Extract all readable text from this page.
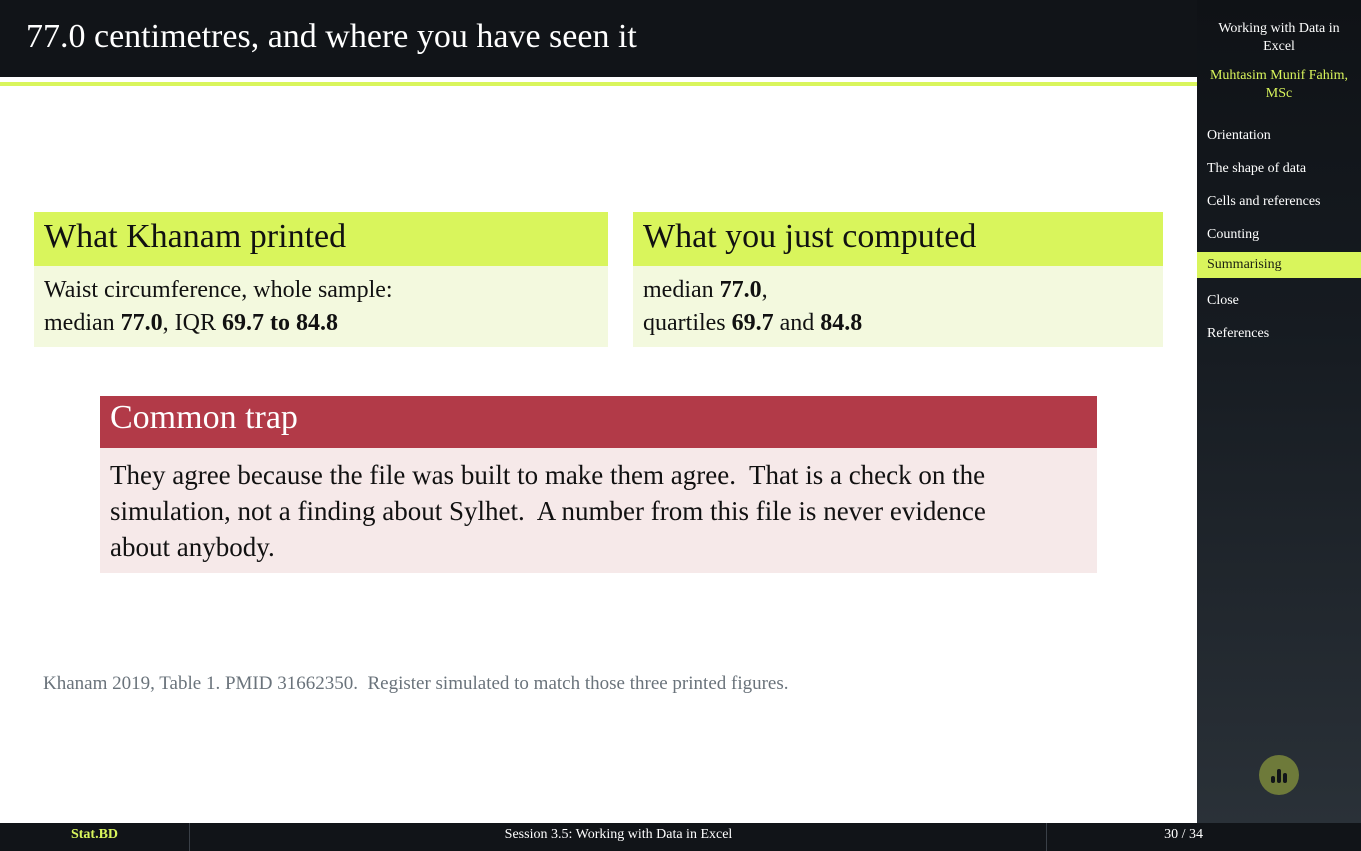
77.0 centimetres, and where you have seen it
What Khanam printed
Waist circumference, whole sample:
median 77.0, IQR 69.7 to 84.8
What you just computed
median 77.0,
quartiles 69.7 and 84.8
Common trap
They agree because the file was built to make them agree.  That is a check on the
simulation, not a finding about Sylhet.  A number from this file is never evidence
about anybody.
Khanam 2019, Table 1. PMID 31662350.  Register simulated to match those three printed figures.
Working with Data in Excel
Muhtasim Munif Fahim, MSc
Orientation
The shape of data
Cells and references
Counting
Summarising
Close
References
Stat.BD	Session 3.5: Working with Data in Excel	30 / 34
